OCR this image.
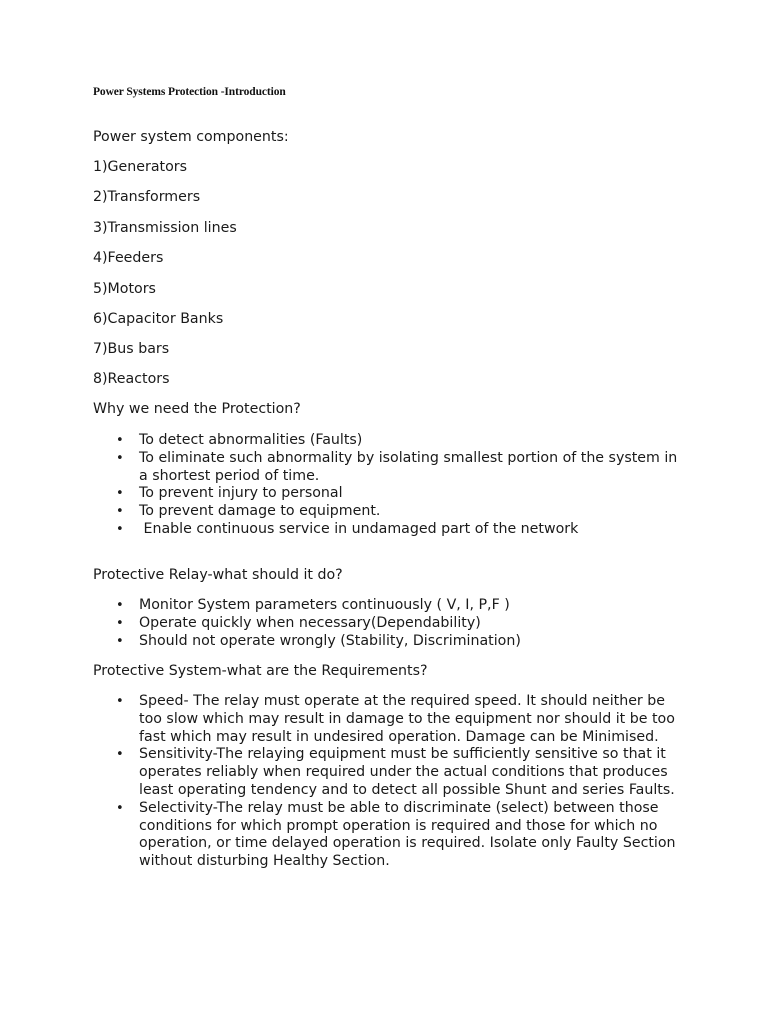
Power Systems Protection -Introduction
Power system components:
1)Generators
2)Transformers
3)Transmission lines
4)Feeders
5)Motors
6)Capacitor Banks
7)Bus bars
8)Reactors
Why we need the Protection?
• To detect abnormalities (Faults)
• To eliminate such abnormality by isolating smallest portion of the system in a shortest period of time.
• To prevent injury to personal
• To prevent damage to equipment.
• Enable continuous service in undamaged part of the network
Protective Relay-what should it do?
• Monitor System parameters continuously ( V, I, P,F )
• Operate quickly when necessary(Dependability)
• Should not operate wrongly (Stability, Discrimination)
Protective System-what are the Requirements?
• Speed- The relay must operate at the required speed. It should neither be too slow which may result in damage to the equipment nor should it be too fast which may result in undesired operation. Damage can be Minimised.
• Sensitivity-The relaying equipment must be sufficiently sensitive so that it operates reliably when required under the actual conditions that produces least operating tendency and to detect all possible Shunt and series Faults.
• Selectivity-The relay must be able to discriminate (select) between those conditions for which prompt operation is required and those for which no operation, or time delayed operation is required. Isolate only Faulty Section without disturbing Healthy Section.
